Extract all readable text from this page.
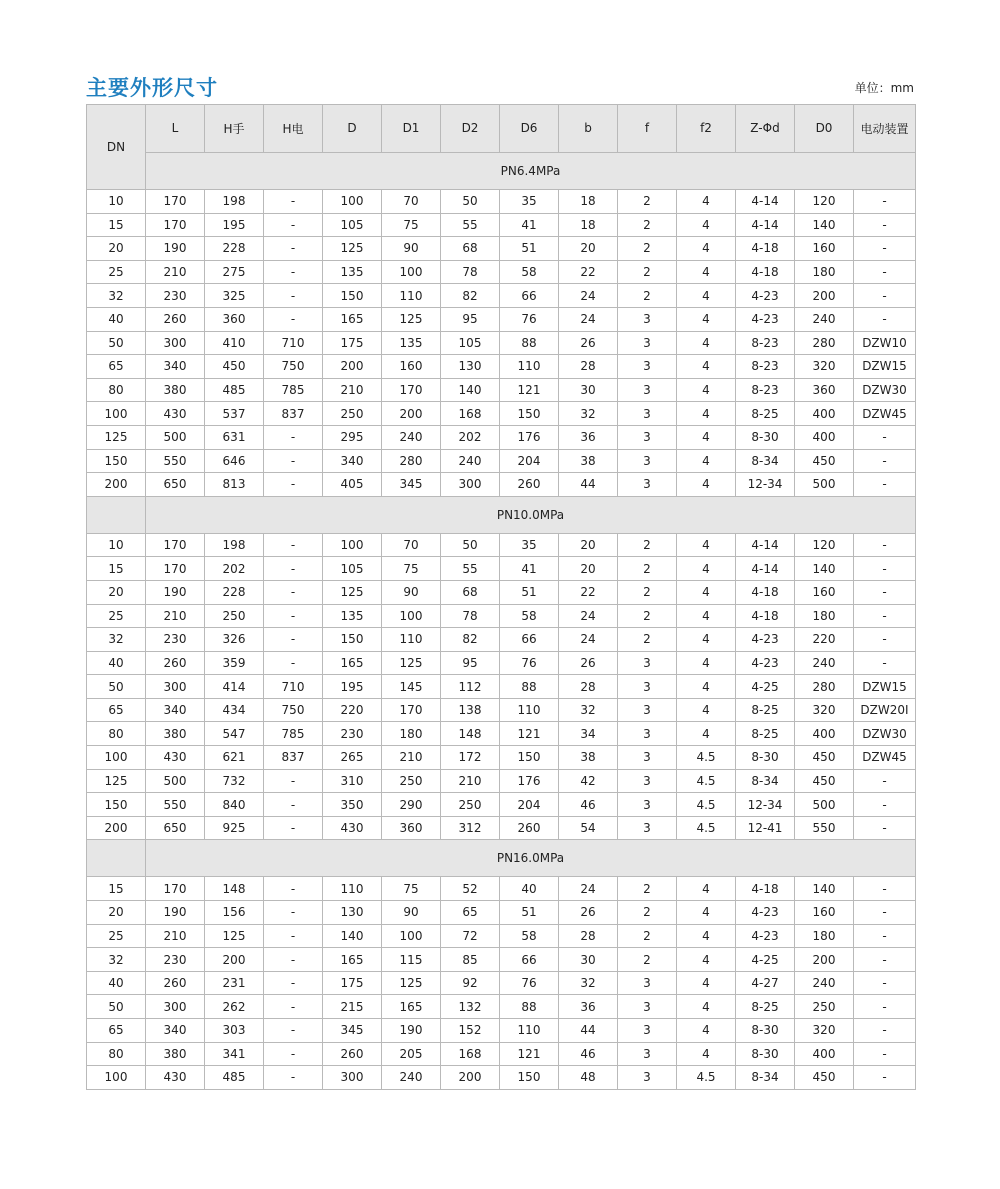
主要外形尺寸	单位：mm
DN	L	H手	H电	D	D1	D2	D6	b	f	f2	Z-Φd	D0	电动装置
	PN6.4MPa												
10	170	198	-	100	70	50	35	18	2	4	4-14	120	-
15	170	195	-	105	75	55	41	18	2	4	4-14	140	-
20	190	228	-	125	90	68	51	20	2	4	4-18	160	-
25	210	275	-	135	100	78	58	22	2	4	4-18	180	-
32	230	325	-	150	110	82	66	24	2	4	4-23	200	-
40	260	360	-	165	125	95	76	24	3	4	4-23	240	-
50	300	410	710	175	135	105	88	26	3	4	8-23	280	DZW10
65	340	450	750	200	160	130	110	28	3	4	8-23	320	DZW15
80	380	485	785	210	170	140	121	30	3	4	8-23	360	DZW30
100	430	537	837	250	200	168	150	32	3	4	8-25	400	DZW45
125	500	631	-	295	240	202	176	36	3	4	8-30	400	-
150	550	646	-	340	280	240	204	38	3	4	8-34	450	-
200	650	813	-	405	345	300	260	44	3	4	12-34	500	-
	PN10.0MPa												
10	170	198	-	100	70	50	35	20	2	4	4-14	120	-
15	170	202	-	105	75	55	41	20	2	4	4-14	140	-
20	190	228	-	125	90	68	51	22	2	4	4-18	160	-
25	210	250	-	135	100	78	58	24	2	4	4-18	180	-
32	230	326	-	150	110	82	66	24	2	4	4-23	220	-
40	260	359	-	165	125	95	76	26	3	4	4-23	240	-
50	300	414	710	195	145	112	88	28	3	4	4-25	280	DZW15
65	340	434	750	220	170	138	110	32	3	4	8-25	320	DZW20I
80	380	547	785	230	180	148	121	34	3	4	8-25	400	DZW30
100	430	621	837	265	210	172	150	38	3	4.5	8-30	450	DZW45
125	500	732	-	310	250	210	176	42	3	4.5	8-34	450	-
150	550	840	-	350	290	250	204	46	3	4.5	12-34	500	-
200	650	925	-	430	360	312	260	54	3	4.5	12-41	550	-
	PN16.0MPa												
15	170	148	-	110	75	52	40	24	2	4	4-18	140	-
20	190	156	-	130	90	65	51	26	2	4	4-23	160	-
25	210	125	-	140	100	72	58	28	2	4	4-23	180	-
32	230	200	-	165	115	85	66	30	2	4	4-25	200	-
40	260	231	-	175	125	92	76	32	3	4	4-27	240	-
50	300	262	-	215	165	132	88	36	3	4	8-25	250	-
65	340	303	-	345	190	152	110	44	3	4	8-30	320	-
80	380	341	-	260	205	168	121	46	3	4	8-30	400	-
100	430	485	-	300	240	200	150	48	3	4.5	8-34	450	-
